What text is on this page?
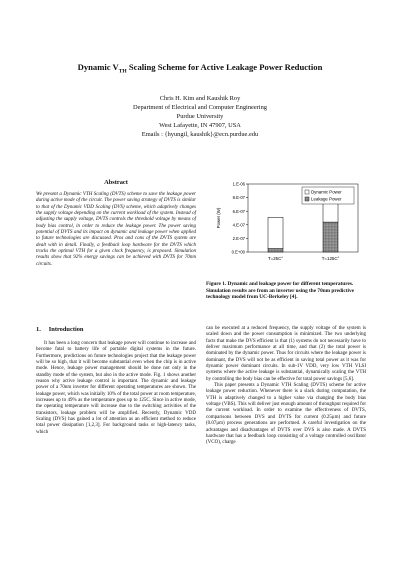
Dynamic $V_{TH}$ Scaling Scheme for Active Leakage Power Reduction
Chris H. Kim and Kaushik Roy
Department of Electrical and Computer Engineering
Purdue University
West Lafayette, IN 47907, USA
Emails : {hyungil, kaushik}@ecn.purdue.edu
Abstract
We present a Dynamic VTH Scaling (DVTS) scheme to save the leakage power during active mode of the circuit. The power saving strategy of DVTS is similar to that of the Dynamic VDD Scaling (DVS) scheme, which adaptively changes the supply voltage depending on the current workload of the system. Instead of adjusting the supply voltage, DVTS controls the threshold voltage by means of body bias control, in order to reduce the leakage power. The power saving potential of DVTS and its impact on dynamic and leakage power when applied to future technologies are discussed. Pros and cons of the DVTS system are dealt with in detail. Finally, a feedback loop hardware for the DVTS which tracks the optimal VTH for a given clock frequency, is proposed. Simulation results show that 92% energy savings can be achieved with DVTS for 70nm circuits.
1. Introduction

It has been a long concern that leakage power will continue to increase and become fatal to battery life of portable digital systems in the future. Furthermore, predictions on future technologies project that the leakage power will be so high, that it will become substantial even when the chip is in active mode. Hence, leakage power management should be done not only in the standby mode of the system, but also in the active mode. Fig. 1 shows another reason why active leakage control is important. The dynamic and leakage power of a 70nm inverter for different operating temperatures are shown. The leakage power, which was initially 10% of the total power at room temperature, increases up to 49% as the temperature goes up to 125C. Since in active mode, the operating temperature will increase due to the switching activities of the transistors, leakage problem will be amplified. Recently, Dynamic VDD Scaling (DVS) has gained a lot of attention as an efficient method to reduce total power dissipation [1,2,3]. For background tasks or high-latency tasks, which

1.E-06
8.E-07
6.E-07
4.E-07
2.E-07
0.E+00
Power (W)
T=25C°	T=125C°
Dynamic Power
Leakage Power
Figure 1. Dynamic and leakage power for different temperatures. Simulation results are from an inverter using the 70nm predictive technology model from UC-Berkeley [4].

can be executed at a reduced frequency, the supply voltage of the system is scaled down and the power consumption is minimized. The two underlying facts that make the DVS efficient is that (1) systems do not necessarily have to deliver maximum performance at all time, and that (2) the total power is dominated by the dynamic power. Thus for circuits where the leakage power is dominant, the DVS will not be as efficient in saving total power as it was for dynamic power dominant circuits. In sub-1V VDD, very low VTH VLSI systems where the active leakage is substantial, dynamically scaling the VTH by controlling the body bias can be effective for total power savings [5,6].

This paper presents a Dynamic VTH Scaling (DVTS) scheme for active leakage power reduction. Whenever there is a slack during computation, the VTH is adaptively changed to a higher value via changing the body bias voltage (VBS). This will deliver just enough amount of throughput required for the current workload. In order to examine the effectiveness of DVTS, comparisons between DVS and DVTS for current (0.25μm) and future (0.07μm) process generations are performed. A careful investigation on the advantages and disadvantages of DVTS over DVS is also made. A DVTS hardware that has a feedback loop consisting of a voltage controlled oscillator (VCO), charge
